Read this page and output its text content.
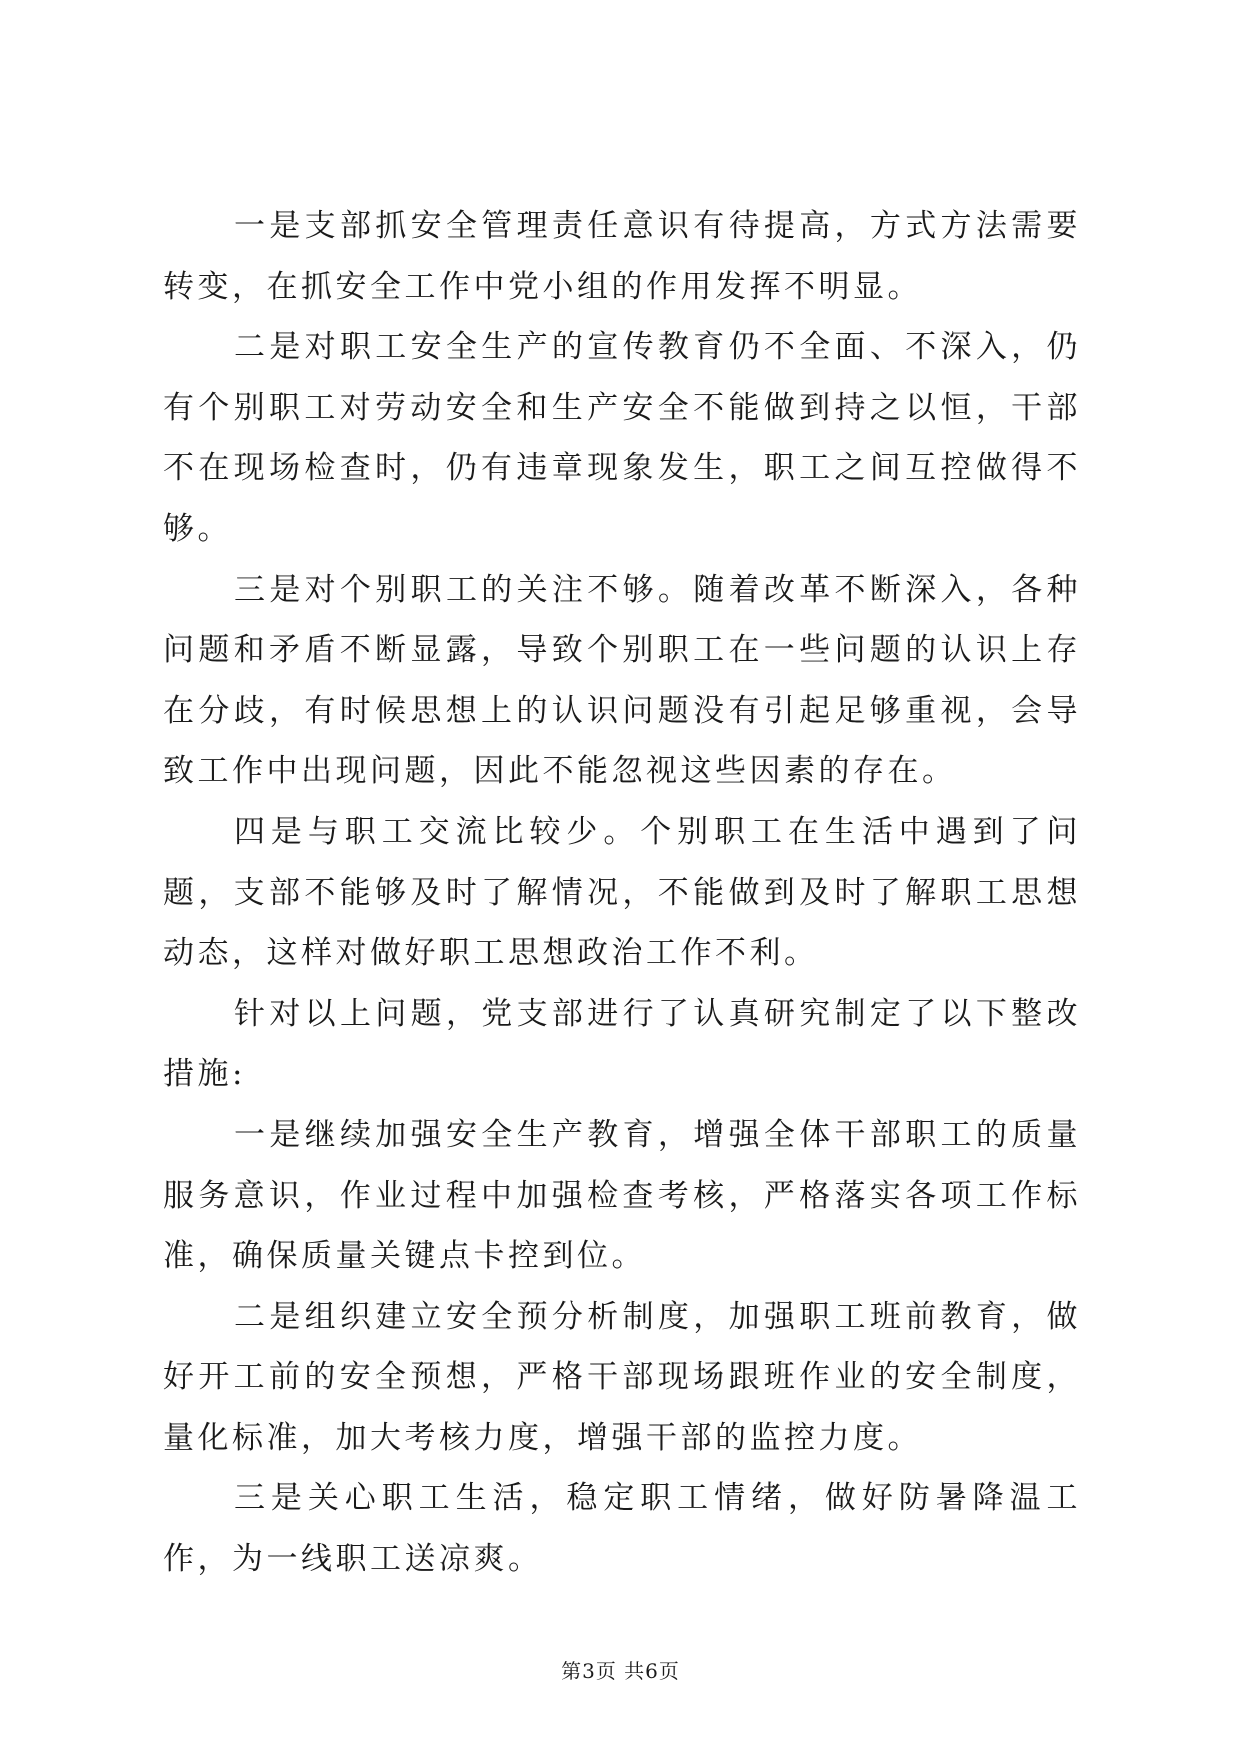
一是支部抓安全管理责任意识有待提高，方式方法需要转变，在抓安全工作中党小组的作用发挥不明显。

二是对职工安全生产的宣传教育仍不全面、不深入，仍有个别职工对劳动安全和生产安全不能做到持之以恒，干部不在现场检查时，仍有违章现象发生，职工之间互控做得不够。

三是对个别职工的关注不够。随着改革不断深入，各种问题和矛盾不断显露，导致个别职工在一些问题的认识上存在分歧，有时候思想上的认识问题没有引起足够重视，会导致工作中出现问题，因此不能忽视这些因素的存在。

四是与职工交流比较少。个别职工在生活中遇到了问题，支部不能够及时了解情况，不能做到及时了解职工思想动态，这样对做好职工思想政治工作不利。

针对以上问题，党支部进行了认真研究制定了以下整改措施:

一是继续加强安全生产教育，增强全体干部职工的质量服务意识，作业过程中加强检查考核，严格落实各项工作标准，确保质量关键点卡控到位。

二是组织建立安全预分析制度，加强职工班前教育，做好开工前的安全预想，严格干部现场跟班作业的安全制度，量化标准，加大考核力度，增强干部的监控力度。

三是关心职工生活，稳定职工情绪，做好防暑降温工作，为一线职工送凉爽。

第3页 共6页
